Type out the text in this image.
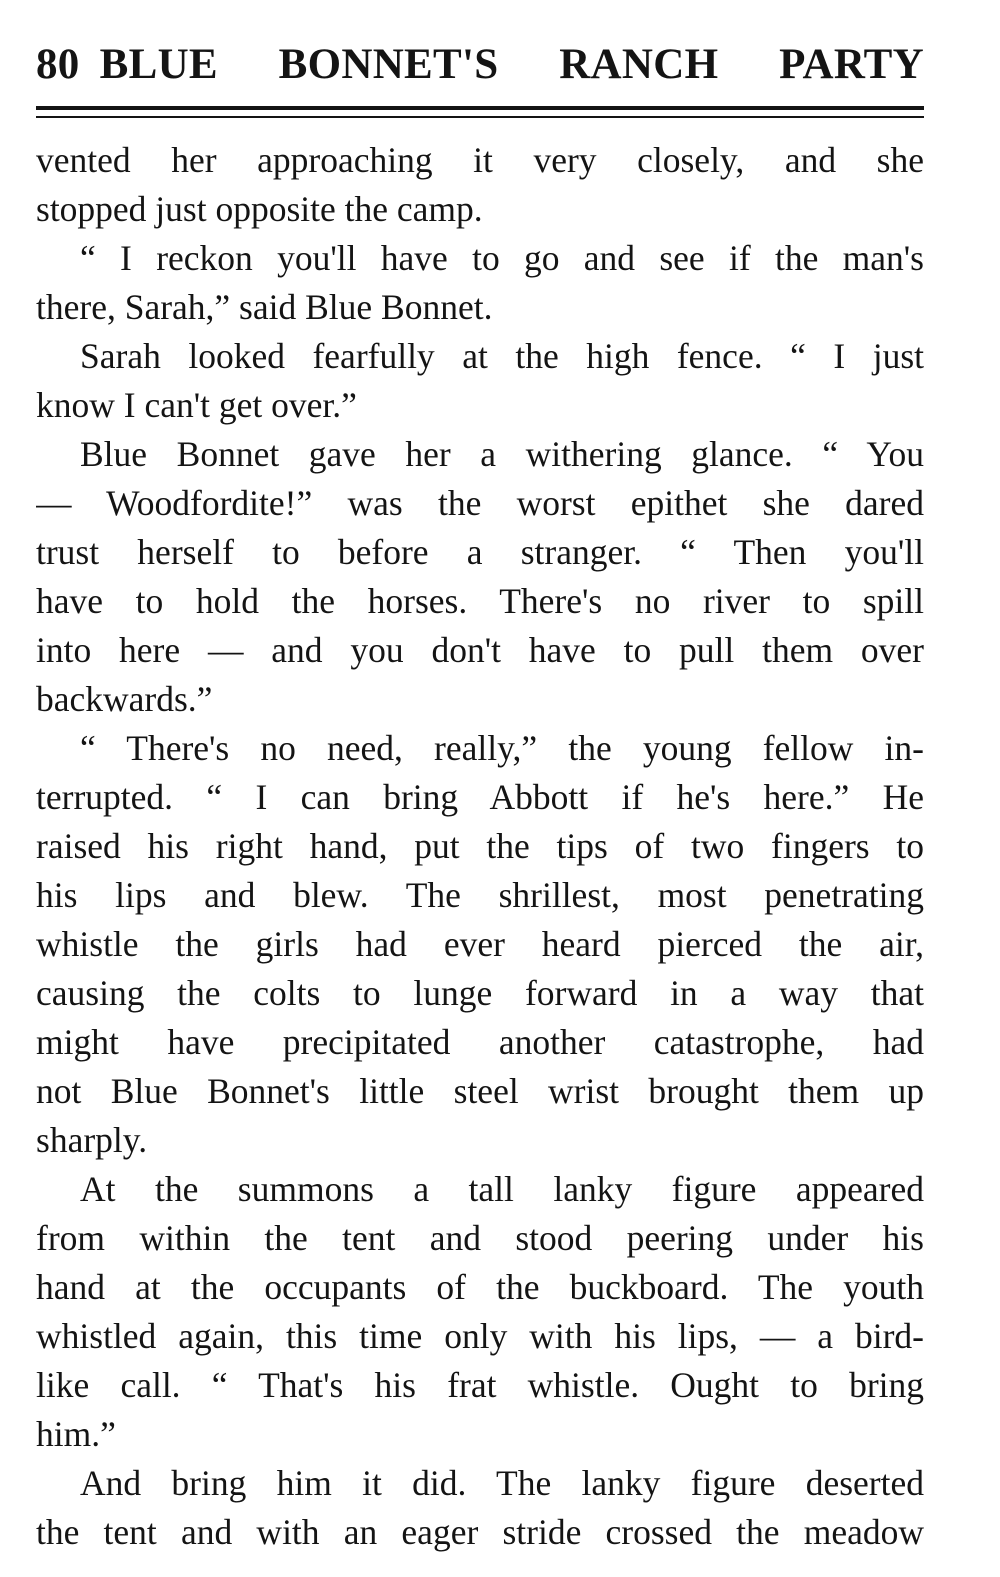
80 BLUE BONNET'S RANCH PARTY
vented her approaching it very closely, and she
stopped just opposite the camp.
“ I reckon you'll have to go and see if the man's
there, Sarah,” said Blue Bonnet.
Sarah looked fearfully at the high fence. “ I just
know I can't get over.”
Blue Bonnet gave her a withering glance. “ You
— Woodfordite!” was the worst epithet she dared
trust herself to before a stranger. “ Then you'll
have to hold the horses. There's no river to spill
into here — and you don't have to pull them over
backwards.”
“ There's no need, really,” the young fellow in-
terrupted. “ I can bring Abbott if he's here.” He
raised his right hand, put the tips of two fingers to
his lips and blew. The shrillest, most penetrating
whistle the girls had ever heard pierced the air,
causing the colts to lunge forward in a way that
might have precipitated another catastrophe, had
not Blue Bonnet's little steel wrist brought them up
sharply.
At the summons a tall lanky figure appeared
from within the tent and stood peering under his
hand at the occupants of the buckboard. The youth
whistled again, this time only with his lips, — a bird-
like call. “ That's his frat whistle. Ought to bring
him.”
And bring him it did. The lanky figure deserted
the tent and with an eager stride crossed the meadow
